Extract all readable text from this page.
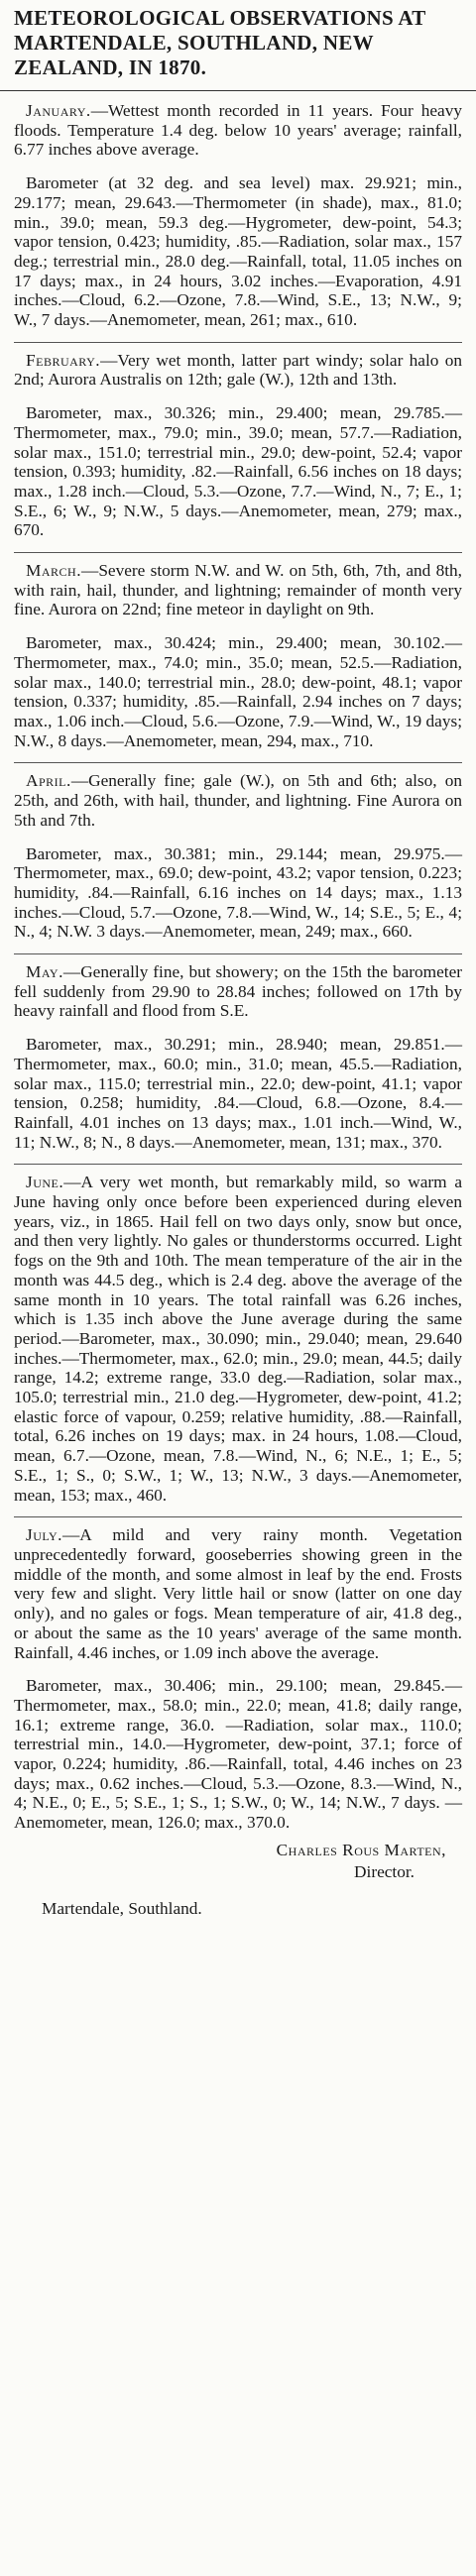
METEOROLOGICAL OBSERVATIONS AT MARTENDALE, SOUTHLAND, NEW ZEALAND, IN 1870.

January.—Wettest month recorded in 11 years. Four heavy floods. Temperature 1.4 deg. below 10 years' average; rainfall, 6.77 inches above average.

Barometer (at 32 deg. and sea level) max. 29.921; min., 29.177; mean, 29.643.—Thermometer (in shade), max., 81.0; min., 39.0; mean, 59.3 deg.—Hygrometer, dew-point, 54.3; vapor tension, 0.423; humidity, .85.—Radiation, solar max., 157 deg.; terrestrial min., 28.0 deg.—Rainfall, total, 11.05 inches on 17 days; max., in 24 hours, 3.02 inches.—Evaporation, 4.91 inches.—Cloud, 6.2.—Ozone, 7.8.—Wind, S.E., 13; N.W., 9; W., 7 days.—Anemometer, mean, 261; max., 610.

February.—Very wet month, latter part windy; solar halo on 2nd; Aurora Australis on 12th; gale (W.), 12th and 13th.

Barometer, max., 30.326; min., 29.400; mean, 29.785.—Thermometer, max., 79.0; min., 39.0; mean, 57.7.—Radiation, solar max., 151.0; terrestrial min., 29.0; dew-point, 52.4; vapor tension, 0.393; humidity, .82.—Rainfall, 6.56 inches on 18 days; max., 1.28 inch.—Cloud, 5.3.—Ozone, 7.7.—Wind, N., 7; E., 1; S.E., 6; W., 9; N.W., 5 days.—Anemometer, mean, 279; max., 670.

March.—Severe storm N.W. and W. on 5th, 6th, 7th, and 8th, with rain, hail, thunder, and lightning; remainder of month very fine. Aurora on 22nd; fine meteor in daylight on 9th.

Barometer, max., 30.424; min., 29.400; mean, 30.102.—Thermometer, max., 74.0; min., 35.0; mean, 52.5.—Radiation, solar max., 140.0; terrestrial min., 28.0; dew-point, 48.1; vapor tension, 0.337; humidity, .85.—Rainfall, 2.94 inches on 7 days; max., 1.06 inch.—Cloud, 5.6.—Ozone, 7.9.—Wind, W., 19 days; N.W., 8 days.—Anemometer, mean, 294, max., 710.

April.—Generally fine; gale (W.), on 5th and 6th; also, on 25th, and 26th, with hail, thunder, and lightning. Fine Aurora on 5th and 7th.

Barometer, max., 30.381; min., 29.144; mean, 29.975.—Thermometer, max., 69.0; dew-point, 43.2; vapor tension, 0.223; humidity, .84.—Rainfall, 6.16 inches on 14 days; max., 1.13 inches.—Cloud, 5.7.—Ozone, 7.8.—Wind, W., 14; S.E., 5; E., 4; N., 4; N.W. 3 days.—Anemometer, mean, 249; max., 660.

May.—Generally fine, but showery; on the 15th the barometer fell suddenly from 29.90 to 28.84 inches; followed on 17th by heavy rainfall and flood from S.E.

Barometer, max., 30.291; min., 28.940; mean, 29.851.—Thermometer, max., 60.0; min., 31.0; mean, 45.5.—Radiation, solar max., 115.0; terrestrial min., 22.0; dew-point, 41.1; vapor tension, 0.258; humidity, .84.—Cloud, 6.8.—Ozone, 8.4.—Rainfall, 4.01 inches on 13 days; max., 1.01 inch.—Wind, W., 11; N.W., 8; N., 8 days.—Anemometer, mean, 131; max., 370.

June.—A very wet month, but remarkably mild, so warm a June having only once before been experienced during eleven years, viz., in 1865. Hail fell on two days only, snow but once, and then very lightly. No gales or thunderstorms occurred. Light fogs on the 9th and 10th. The mean temperature of the air in the month was 44.5 deg., which is 2.4 deg. above the average of the same month in 10 years. The total rainfall was 6.26 inches, which is 1.35 inch above the June average during the same period.—Barometer, max., 30.090; min., 29.040; mean, 29.640 inches.—Thermometer, max., 62.0; min., 29.0; mean, 44.5; daily range, 14.2; extreme range, 33.0 deg.—Radiation, solar max., 105.0; terrestrial min., 21.0 deg.—Hygrometer, dew-point, 41.2; elastic force of vapour, 0.259; relative humidity, .88.—Rainfall, total, 6.26 inches on 19 days; max. in 24 hours, 1.08.—Cloud, mean, 6.7.—Ozone, mean, 7.8.—Wind, N., 6; N.E., 1; E., 5; S.E., 1; S., 0; S.W., 1; W., 13; N.W., 3 days.—Anemometer, mean, 153; max., 460.

July.—A mild and very rainy month. Vegetation unprecedentedly forward, gooseberries showing green in the middle of the month, and some almost in leaf by the end. Frosts very few and slight. Very little hail or snow (latter on one day only), and no gales or fogs. Mean temperature of air, 41.8 deg., or about the same as the 10 years' average of the same month. Rainfall, 4.46 inches, or 1.09 inch above the average.

Barometer, max., 30.406; min., 29.100; mean, 29.845.—Thermometer, max., 58.0; min., 22.0; mean, 41.8; daily range, 16.1; extreme range, 36.0. —Radiation, solar max., 110.0; terrestrial min., 14.0.—Hygrometer, dew-point, 37.1; force of vapor, 0.224; humidity, .86.—Rainfall, total, 4.46 inches on 23 days; max., 0.62 inches.—Cloud, 5.3.—Ozone, 8.3.—Wind, N., 4; N.E., 0; E., 5; S.E., 1; S., 1; S.W., 0; W., 14; N.W., 7 days. —Anemometer, mean, 126.0; max., 370.0.

Charles Rous Marten,
Director.
Martendale, Southland.
